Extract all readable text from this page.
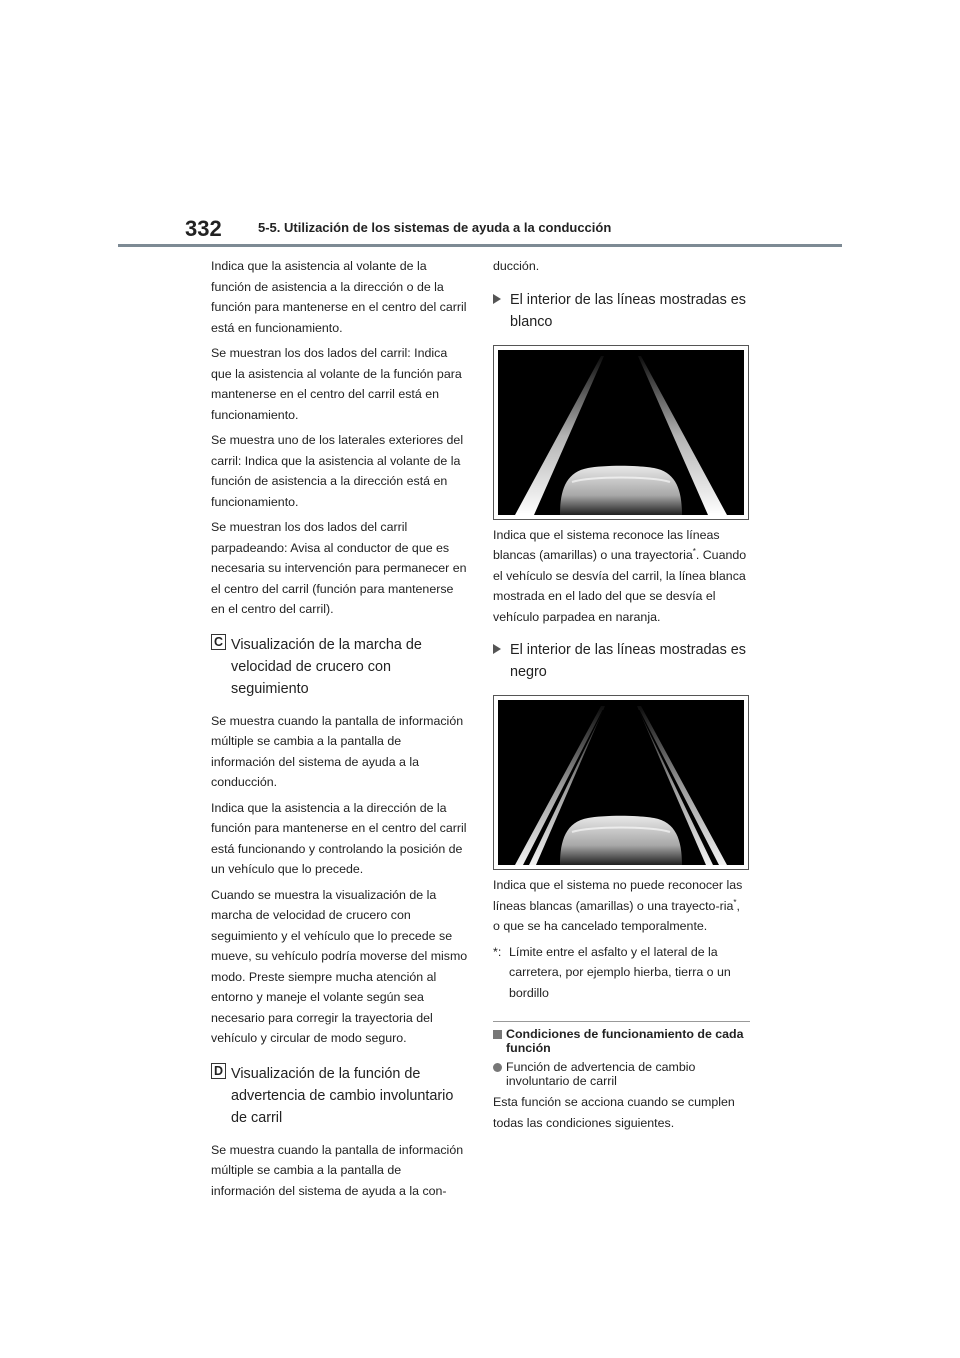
332	5-5. Utilización de los sistemas de ayuda a la conducción

Indica que la asistencia al volante de la función de asistencia a la dirección o de la función para mantenerse en el centro del carril está en funcionamiento.

Se muestran los dos lados del carril: Indica que la asistencia al volante de la función para mantenerse en el centro del carril está en funcionamiento.

Se muestra uno de los laterales exteriores del carril: Indica que la asistencia al volante de la función de asistencia a la dirección está en funcionamiento.

Se muestran los dos lados del carril parpadeando: Avisa al conductor de que es necesaria su intervención para permanecer en el centro del carril (función para mantenerse en el centro del carril).

C Visualización de la marcha de velocidad de crucero con seguimiento

Se muestra cuando la pantalla de información múltiple se cambia a la pantalla de información del sistema de ayuda a la conducción.

Indica que la asistencia a la dirección de la función para mantenerse en el centro del carril está funcionando y controlando la posición de un vehículo que lo precede.

Cuando se muestra la visualización de la marcha de velocidad de crucero con seguimiento y el vehículo que lo precede se mueve, su vehículo podría moverse del mismo modo. Preste siempre mucha atención al entorno y maneje el volante según sea necesario para corregir la trayectoria del vehículo y circular de modo seguro.

D Visualización de la función de advertencia de cambio involuntario de carril

Se muestra cuando la pantalla de información múltiple se cambia a la pantalla de información del sistema de ayuda a la con-

ducción.

El interior de las líneas mostradas es blanco

Indica que el sistema reconoce las líneas blancas (amarillas) o una trayectoria*. Cuando el vehículo se desvía del carril, la línea blanca mostrada en el lado del que se desvía el vehículo parpadea en naranja.

El interior de las líneas mostradas es negro

Indica que el sistema no puede reconocer las líneas blancas (amarillas) o una trayecto-ria*, o que se ha cancelado temporalmente.

*: Límite entre el asfalto y el lateral de la carretera, por ejemplo hierba, tierra o un bordillo
Condiciones de funcionamiento de cada función
Función de advertencia de cambio involuntario de carril

Esta función se acciona cuando se cumplen todas las condiciones siguientes.
